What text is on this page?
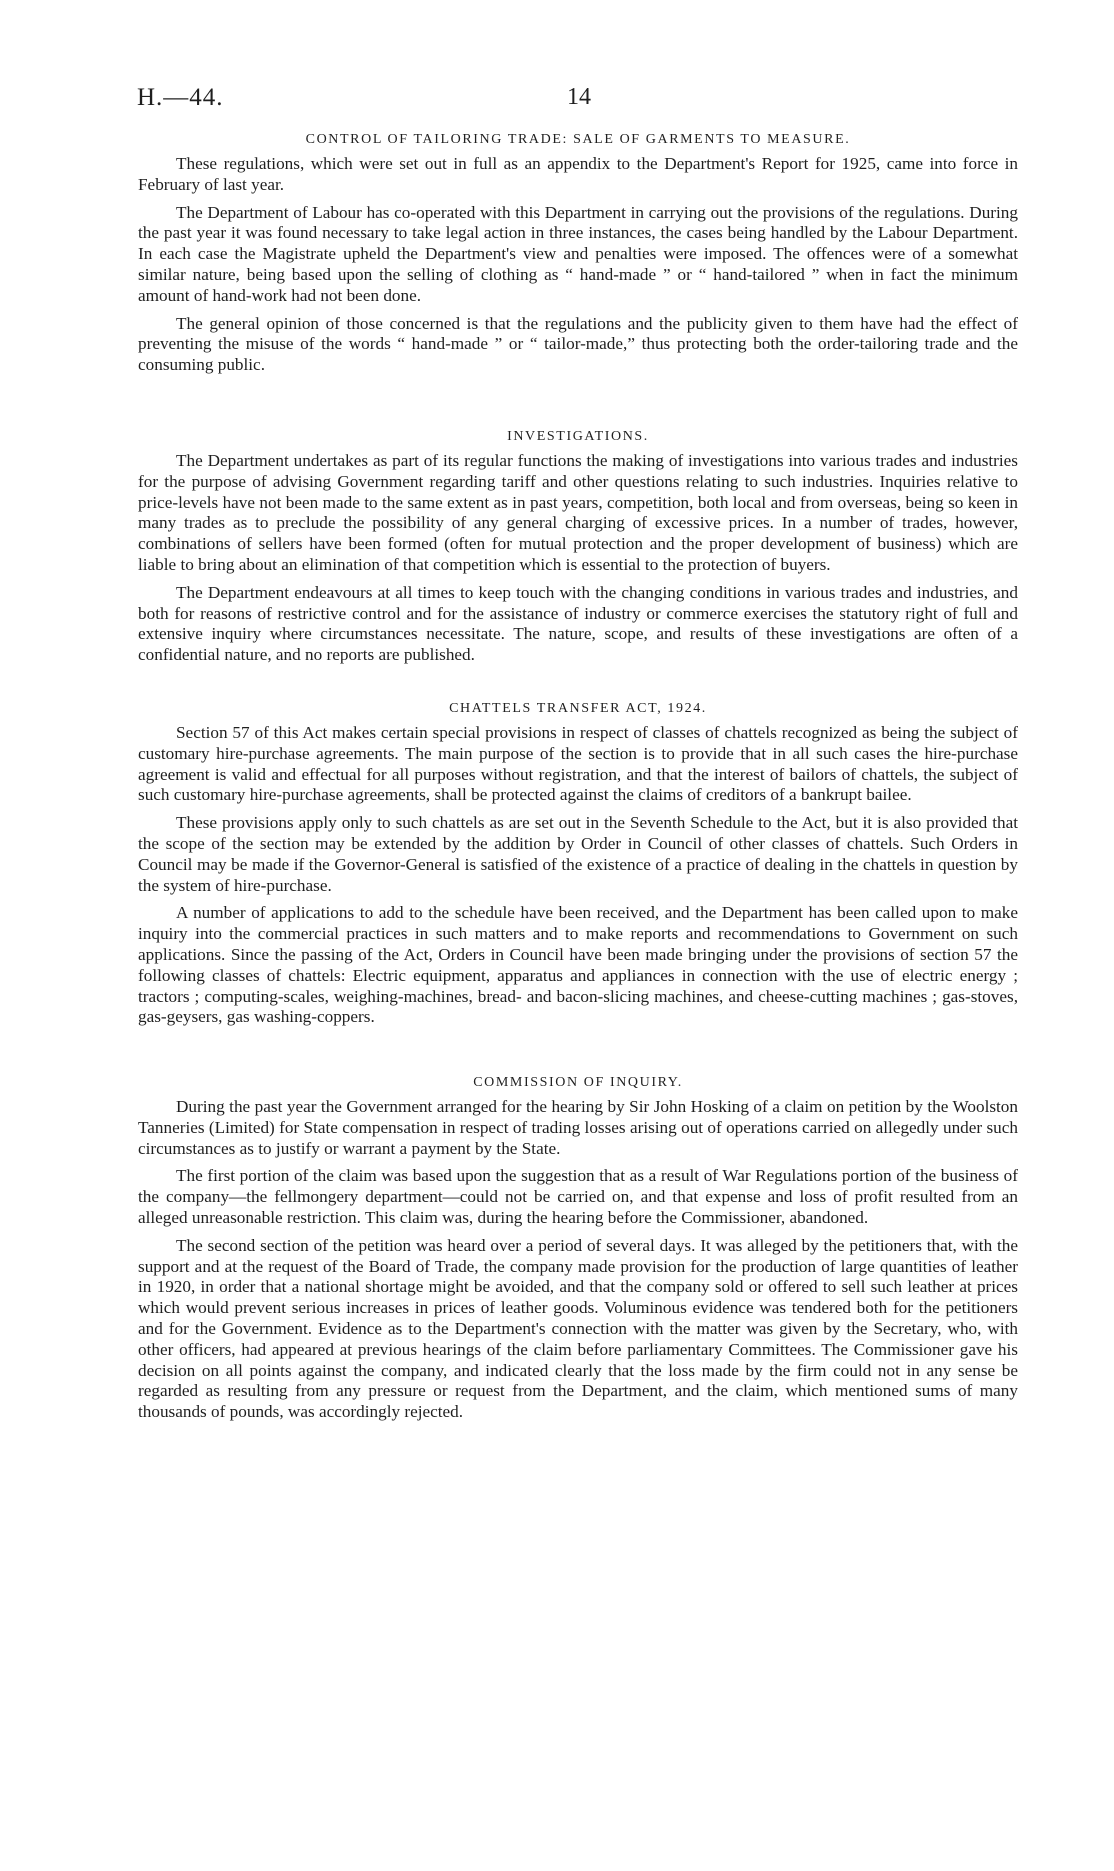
H.—44.	14
CONTROL OF TAILORING TRADE: SALE OF GARMENTS TO MEASURE.

These regulations, which were set out in full as an appendix to the Department's Report for 1925, came into force in February of last year.

The Department of Labour has co-operated with this Department in carrying out the provisions of the regulations. During the past year it was found necessary to take legal action in three instances, the cases being handled by the Labour Department. In each case the Magistrate upheld the Department's view and penalties were imposed. The offences were of a somewhat similar nature, being based upon the selling of clothing as “ hand-made ” or “ hand-tailored ” when in fact the minimum amount of hand-work had not been done.

The general opinion of those concerned is that the regulations and the publicity given to them have had the effect of preventing the misuse of the words “ hand-made ” or “ tailor-made,” thus protecting both the order-tailoring trade and the consuming public.

INVESTIGATIONS.

The Department undertakes as part of its regular functions the making of investigations into various trades and industries for the purpose of advising Government regarding tariff and other questions relating to such industries. Inquiries relative to price-levels have not been made to the same extent as in past years, competition, both local and from overseas, being so keen in many trades as to preclude the possibility of any general charging of excessive prices. In a number of trades, however, combinations of sellers have been formed (often for mutual protection and the proper development of business) which are liable to bring about an elimination of that competition which is essential to the protection of buyers.

The Department endeavours at all times to keep touch with the changing conditions in various trades and industries, and both for reasons of restrictive control and for the assistance of industry or commerce exercises the statutory right of full and extensive inquiry where circumstances necessitate. The nature, scope, and results of these investigations are often of a confidential nature, and no reports are published.

CHATTELS TRANSFER ACT, 1924.

Section 57 of this Act makes certain special provisions in respect of classes of chattels recognized as being the subject of customary hire-purchase agreements. The main purpose of the section is to provide that in all such cases the hire-purchase agreement is valid and effectual for all purposes without registration, and that the interest of bailors of chattels, the subject of such customary hire-purchase agreements, shall be protected against the claims of creditors of a bankrupt bailee.

These provisions apply only to such chattels as are set out in the Seventh Schedule to the Act, but it is also provided that the scope of the section may be extended by the addition by Order in Council of other classes of chattels. Such Orders in Council may be made if the Governor-General is satisfied of the existence of a practice of dealing in the chattels in question by the system of hire-purchase.

A number of applications to add to the schedule have been received, and the Department has been called upon to make inquiry into the commercial practices in such matters and to make reports and recommendations to Government on such applications. Since the passing of the Act, Orders in Council have been made bringing under the provisions of section 57 the following classes of chattels: Electric equipment, apparatus and appliances in connection with the use of electric energy ; tractors ; computing-scales, weighing-machines, bread- and bacon-slicing machines, and cheese-cutting machines ; gas-stoves, gas-geysers, gas washing-coppers.

COMMISSION OF INQUIRY.

During the past year the Government arranged for the hearing by Sir John Hosking of a claim on petition by the Woolston Tanneries (Limited) for State compensation in respect of trading losses arising out of operations carried on allegedly under such circumstances as to justify or warrant a payment by the State.

The first portion of the claim was based upon the suggestion that as a result of War Regulations portion of the business of the company—the fellmongery department—could not be carried on, and that expense and loss of profit resulted from an alleged unreasonable restriction. This claim was, during the hearing before the Commissioner, abandoned.

The second section of the petition was heard over a period of several days. It was alleged by the petitioners that, with the support and at the request of the Board of Trade, the company made provision for the production of large quantities of leather in 1920, in order that a national shortage might be avoided, and that the company sold or offered to sell such leather at prices which would prevent serious increases in prices of leather goods. Voluminous evidence was tendered both for the petitioners and for the Government. Evidence as to the Department's connection with the matter was given by the Secretary, who, with other officers, had appeared at previous hearings of the claim before parliamentary Committees. The Commissioner gave his decision on all points against the company, and indicated clearly that the loss made by the firm could not in any sense be regarded as resulting from any pressure or request from the Department, and the claim, which mentioned sums of many thousands of pounds, was accordingly rejected.
